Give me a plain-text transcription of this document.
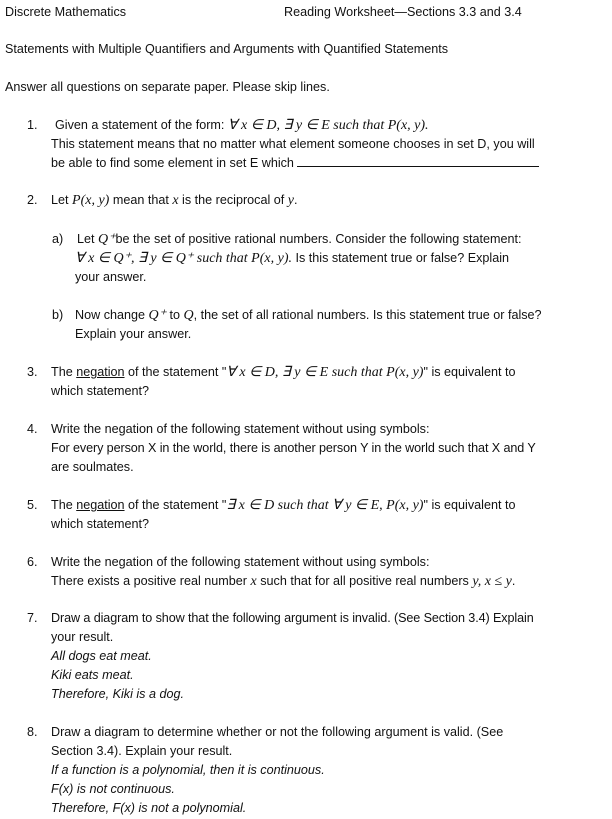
Discrete Mathematics	Reading Worksheet—Sections 3.3 and 3.4
Statements with Multiple Quantifiers and Arguments with Quantified Statements
Answer all questions on separate paper. Please skip lines.
1. Given a statement of the form: ∀ x ∈ D, ∃ y ∈ E such that P(x, y).
This statement means that no matter what element someone chooses in set D, you will
be able to find some element in set E which
2. Let P(x, y) mean that x is the reciprocal of y.
a) Let Q⁺be the set of positive rational numbers. Consider the following statement:
∀ x ∈ Q⁺, ∃ y ∈ Q⁺ such that P(x, y). Is this statement true or false? Explain
your answer.
b) Now change Q⁺ to Q, the set of all rational numbers. Is this statement true or false?
Explain your answer.
3. The negation of the statement "∀ x ∈ D, ∃ y ∈ E such that P(x, y)" is equivalent to
which statement?
4. Write the negation of the following statement without using symbols:
For every person X in the world, there is another person Y in the world such that X and Y
are soulmates.
5. The negation of the statement "∃ x ∈ D such that ∀ y ∈ E, P(x, y)" is equivalent to
which statement?
6. Write the negation of the following statement without using symbols:
There exists a positive real number x such that for all positive real numbers y, x ≤ y.
7. Draw a diagram to show that the following argument is invalid. (See Section 3.4) Explain
your result.
All dogs eat meat.
Kiki eats meat.
Therefore, Kiki is a dog.
8. Draw a diagram to determine whether or not the following argument is valid. (See
Section 3.4). Explain your result.
If a function is a polynomial, then it is continuous.
F(x) is not continuous.
Therefore, F(x) is not a polynomial.
